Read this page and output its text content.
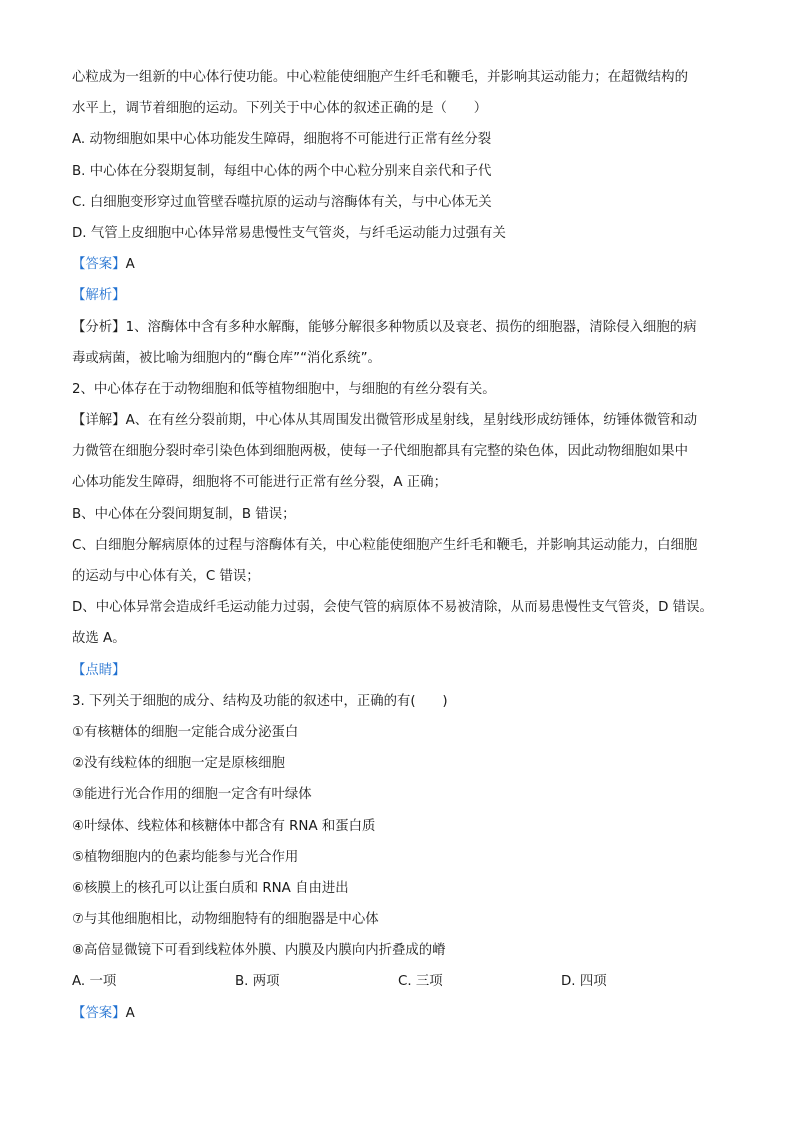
心粒成为一组新的中心体行使功能。中心粒能使细胞产生纤毛和鞭毛，并影响其运动能力；在超微结构的
水平上，调节着细胞的运动。下列关于中心体的叙述正确的是（　　）
A. 动物细胞如果中心体功能发生障碍，细胞将不可能进行正常有丝分裂
B. 中心体在分裂期复制，每组中心体的两个中心粒分别来自亲代和子代
C. 白细胞变形穿过血管壁吞噬抗原的运动与溶酶体有关，与中心体无关
D. 气管上皮细胞中心体异常易患慢性支气管炎，与纤毛运动能力过强有关
【答案】A
【解析】
【分析】1、溶酶体中含有多种水解酶，能够分解很多种物质以及衰老、损伤的细胞器，清除侵入细胞的病
毒或病菌，被比喻为细胞内的“酶仓库”“消化系统”。
2、中心体存在于动物细胞和低等植物细胞中，与细胞的有丝分裂有关。
【详解】A、在有丝分裂前期，中心体从其周围发出微管形成星射线，星射线形成纺锤体，纺锤体微管和动
力微管在细胞分裂时牵引染色体到细胞两极，使每一子代细胞都具有完整的染色体，因此动物细胞如果中
心体功能发生障碍，细胞将不可能进行正常有丝分裂，A 正确；
B、中心体在分裂间期复制，B 错误；
C、白细胞分解病原体的过程与溶酶体有关，中心粒能使细胞产生纤毛和鞭毛，并影响其运动能力，白细胞
的运动与中心体有关，C 错误；
D、中心体异常会造成纤毛运动能力过弱，会使气管的病原体不易被清除，从而易患慢性支气管炎，D 错误。
故选 A。
【点睛】
3. 下列关于细胞的成分、结构及功能的叙述中，正确的有(　　)
①有核糖体的细胞一定能合成分泌蛋白
②没有线粒体的细胞一定是原核细胞
③能进行光合作用的细胞一定含有叶绿体
④叶绿体、线粒体和核糖体中都含有 RNA 和蛋白质
⑤植物细胞内的色素均能参与光合作用
⑥核膜上的核孔可以让蛋白质和 RNA 自由进出
⑦与其他细胞相比，动物细胞特有的细胞器是中心体
⑧高倍显微镜下可看到线粒体外膜、内膜及内膜向内折叠成的嵴
A. 一项	B. 两项	C. 三项	D. 四项
【答案】A
